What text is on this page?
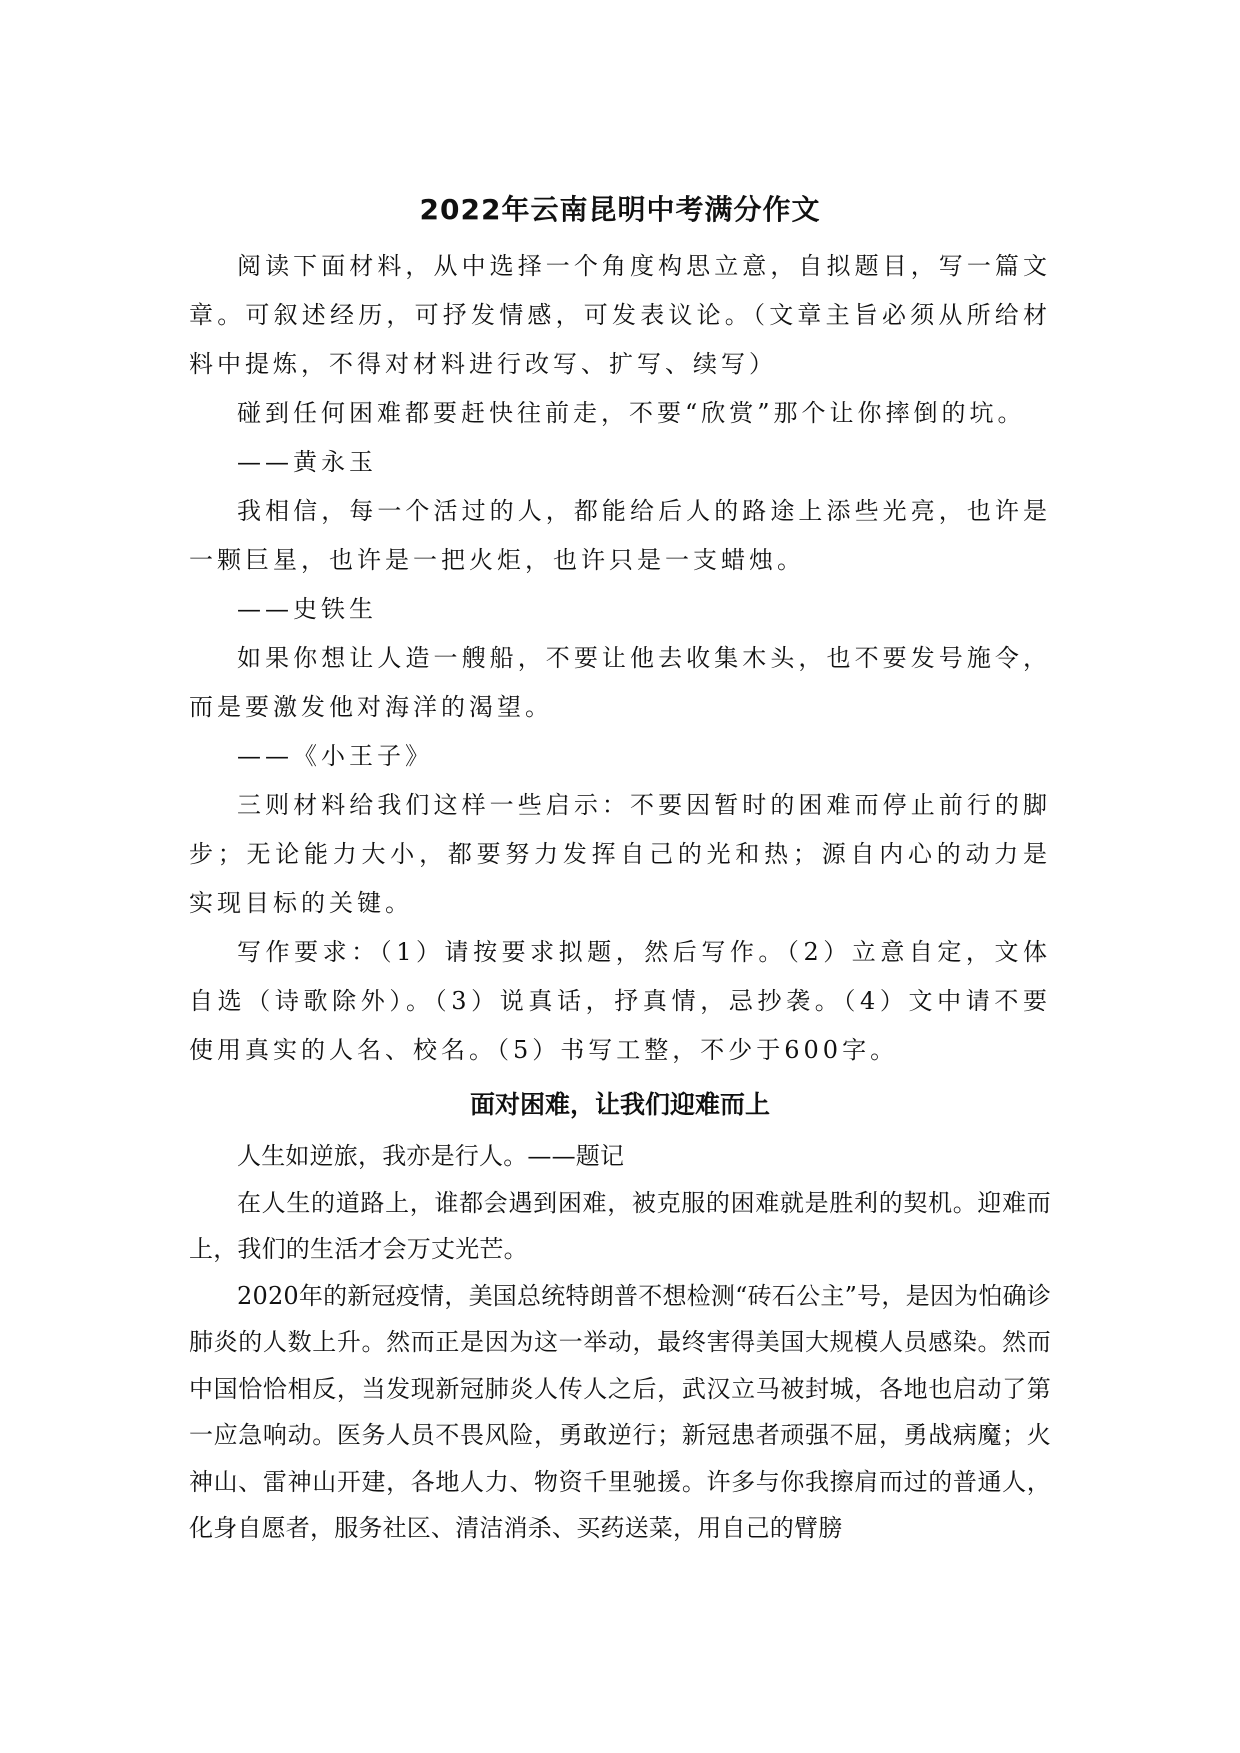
2022年云南昆明中考满分作文

阅读下面材料，从中选择一个角度构思立意，自拟题目，写一篇文章。可叙述经历，可抒发情感，可发表议论。（文章主旨必须从所给材料中提炼，不得对材料进行改写、扩写、续写）

碰到任何困难都要赶快往前走，不要“欣赏”那个让你摔倒的坑。

——黄永玉

我相信，每一个活过的人，都能给后人的路途上添些光亮，也许是一颗巨星，也许是一把火炬，也许只是一支蜡烛。

——史铁生

如果你想让人造一艘船，不要让他去收集木头，也不要发号施令，而是要激发他对海洋的渴望。

——《小王子》

三则材料给我们这样一些启示：不要因暂时的困难而停止前行的脚步；无论能力大小，都要努力发挥自己的光和热；源自内心的动力是实现目标的关键。

写作要求：（1）请按要求拟题，然后写作。（2）立意自定，文体自选（诗歌除外）。（3）说真话，抒真情，忌抄袭。（4）文中请不要使用真实的人名、校名。（5）书写工整，不少于600字。

面对困难，让我们迎难而上

人生如逆旅，我亦是行人。——题记

在人生的道路上，谁都会遇到困难，被克服的困难就是胜利的契机。迎难而上，我们的生活才会万丈光芒。

2020年的新冠疫情，美国总统特朗普不想检测“砖石公主”号，是因为怕确诊肺炎的人数上升。然而正是因为这一举动，最终害得美国大规模人员感染。然而中国恰恰相反，当发现新冠肺炎人传人之后，武汉立马被封城，各地也启动了第一应急响动。医务人员不畏风险，勇敢逆行；新冠患者顽强不屈，勇战病魔；火神山、雷神山开建，各地人力、物资千里驰援。许多与你我擦肩而过的普通人，化身自愿者，服务社区、清洁消杀、买药送菜，用自己的臂膀
